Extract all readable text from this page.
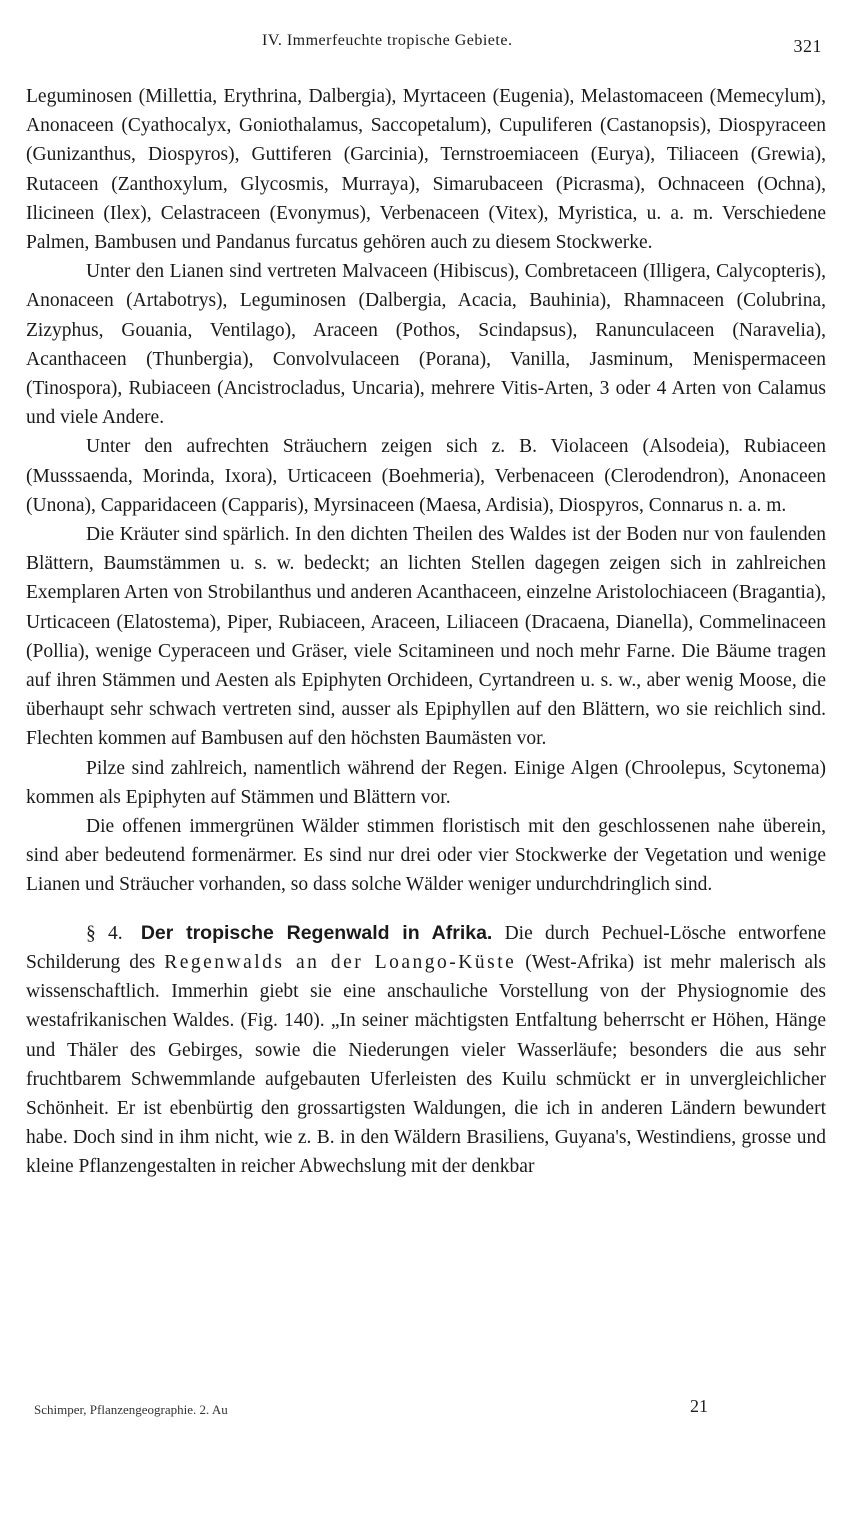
IV. Immerfeuchte tropische Gebiete.	321

Leguminosen (Millettia, Erythrina, Dalbergia), Myrtaceen (Eugenia), Melastomaceen (Memecylum), Anonaceen (Cyathocalyx, Goniothalamus, Saccopetalum), Cupuliferen (Castanopsis), Diospyraceen (Gunizanthus, Diospyros), Guttiferen (Garcinia), Ternstroemiaceen (Eurya), Tiliaceen (Grewia), Rutaceen (Zanthoxylum, Glycosmis, Murraya), Simarubaceen (Picrasma), Ochnaceen (Ochna), Ilicineen (Ilex), Celastraceen (Evonymus), Verbenaceen (Vitex), Myristica, u. a. m. Verschiedene Palmen, Bambusen und Pandanus furcatus gehören auch zu diesem Stockwerke.

Unter den Lianen sind vertreten Malvaceen (Hibiscus), Combretaceen (Illigera, Calycopteris), Anonaceen (Artabotrys), Leguminosen (Dalbergia, Acacia, Bauhinia), Rhamnaceen (Colubrina, Zizyphus, Gouania, Ventilago), Araceen (Pothos, Scindapsus), Ranunculaceen (Naravelia), Acanthaceen (Thunbergia), Convolvulaceen (Porana), Vanilla, Jasminum, Menispermaceen (Tinospora), Rubiaceen (Ancistrocladus, Uncaria), mehrere Vitis-Arten, 3 oder 4 Arten von Calamus und viele Andere.

Unter den aufrechten Sträuchern zeigen sich z. B. Violaceen (Alsodeia), Rubiaceen (Musssaenda, Morinda, Ixora), Urticaceen (Boehmeria), Verbenaceen (Clerodendron), Anonaceen (Unona), Capparidaceen (Capparis), Myrsinaceen (Maesa, Ardisia), Diospyros, Connarus n. a. m.

Die Kräuter sind spärlich. In den dichten Theilen des Waldes ist der Boden nur von faulenden Blättern, Baumstämmen u. s. w. bedeckt; an lichten Stellen dagegen zeigen sich in zahlreichen Exemplaren Arten von Strobilanthus und anderen Acanthaceen, einzelne Aristolochiaceen (Bragantia), Urticaceen (Elatostema), Piper, Rubiaceen, Araceen, Liliaceen (Dracaena, Dianella), Commelinaceen (Pollia), wenige Cyperaceen und Gräser, viele Scitamineen und noch mehr Farne. Die Bäume tragen auf ihren Stämmen und Aesten als Epiphyten Orchideen, Cyrtandreen u. s. w., aber wenig Moose, die überhaupt sehr schwach vertreten sind, ausser als Epiphyllen auf den Blättern, wo sie reichlich sind. Flechten kommen auf Bambusen auf den höchsten Baumästen vor.

Pilze sind zahlreich, namentlich während der Regen. Einige Algen (Chroolepus, Scytonema) kommen als Epiphyten auf Stämmen und Blättern vor.

Die offenen immergrünen Wälder stimmen floristisch mit den geschlossenen nahe überein, sind aber bedeutend formenärmer. Es sind nur drei oder vier Stockwerke der Vegetation und wenige Lianen und Sträucher vorhanden, so dass solche Wälder weniger undurchdringlich sind.

§ 4. Der tropische Regenwald in Afrika. Die durch Pechuel-Lösche entworfene Schilderung des Regenwalds an der Loango-Küste (West-Afrika) ist mehr malerisch als wissenschaftlich. Immerhin giebt sie eine anschauliche Vorstellung von der Physiognomie des westafrikanischen Waldes. (Fig. 140). „In seiner mächtigsten Entfaltung beherrscht er Höhen, Hänge und Thäler des Gebirges, sowie die Niederungen vieler Wasserläufe; besonders die aus sehr fruchtbarem Schwemmlande aufgebauten Uferleisten des Kuilu schmückt er in unvergleichlicher Schönheit. Er ist ebenbürtig den grossartigsten Waldungen, die ich in anderen Ländern bewundert habe. Doch sind in ihm nicht, wie z. B. in den Wäldern Brasiliens, Guyana's, Westindiens, grosse und kleine Pflanzengestalten in reicher Abwechslung mit der denkbar

Schimper, Pflanzengeographie. 2. Au	21
